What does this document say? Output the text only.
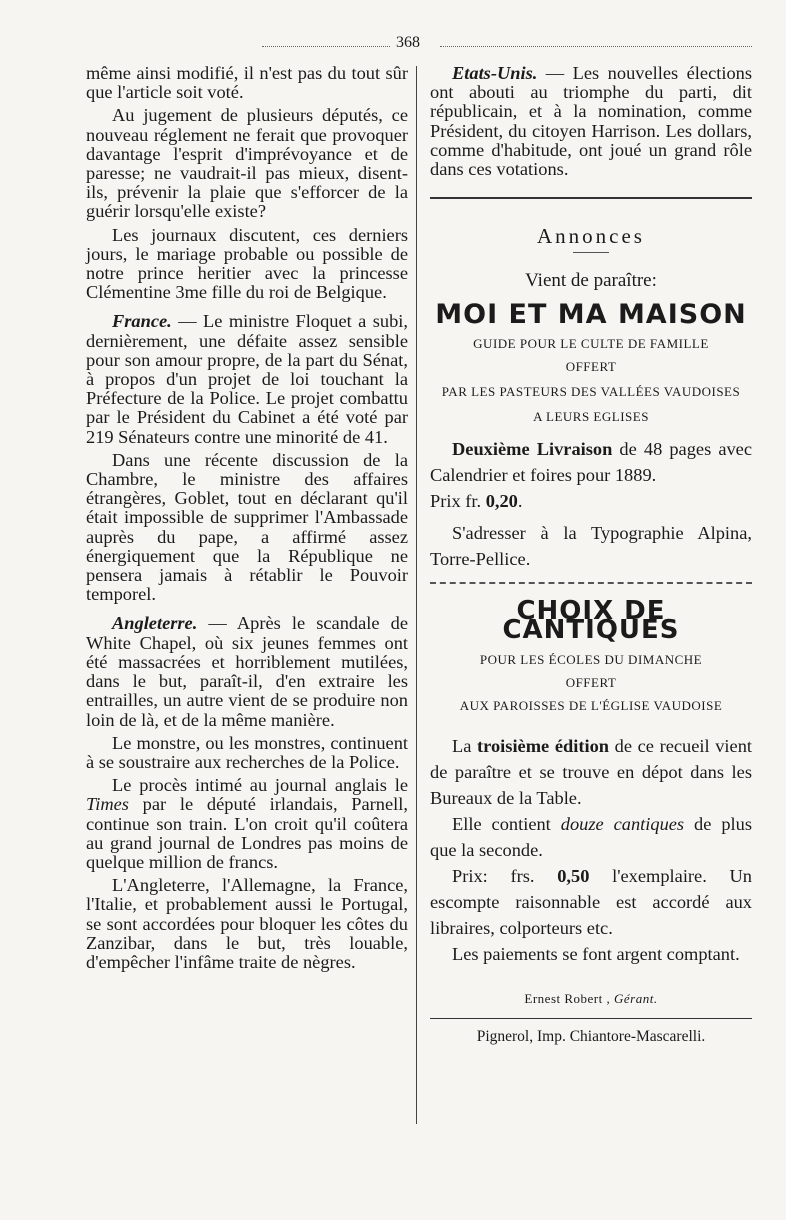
368

même ainsi modifié, il n'est pas du tout sûr que l'article soit voté.

Au jugement de plusieurs députés, ce nouveau réglement ne ferait que provoquer davantage l'esprit d'imprévoyance et de paresse; ne vaudrait-il pas mieux, disent-ils, prévenir la plaie que s'efforcer de la guérir lorsqu'elle existe?

Les journaux discutent, ces derniers jours, le mariage probable ou possible de notre prince heritier avec la princesse Clémentine 3me fille du roi de Belgique.

France. — Le ministre Floquet a subi, dernièrement, une défaite assez sensible pour son amour propre, de la part du Sénat, à propos d'un projet de loi touchant la Préfecture de la Police. Le projet combattu par le Président du Cabinet a été voté par 219 Sénateurs contre une minorité de 41.

Dans une récente discussion de la Chambre, le ministre des affaires étrangères, Goblet, tout en déclarant qu'il était impossible de supprimer l'Ambassade auprès du pape, a affirmé assez énergiquement que la République ne pensera jamais à rétablir le Pouvoir temporel.

Angleterre. — Après le scandale de White Chapel, où six jeunes femmes ont été massacrées et horriblement mutilées, dans le but, paraît-il, d'en extraire les entrailles, un autre vient de se produire non loin de là, et de la même manière.

Le monstre, ou les monstres, continuent à se soustraire aux recherches de la Police.

Le procès intimé au journal anglais le Times par le député irlandais, Parnell, continue son train. L'on croit qu'il coûtera au grand journal de Londres pas moins de quelque million de francs.

L'Angleterre, l'Allemagne, la France, l'Italie, et probablement aussi le Portugal, se sont accordées pour bloquer les côtes du Zanzibar, dans le but, très louable, d'empêcher l'infâme traite de nègres.

Etats-Unis. — Les nouvelles élections ont abouti au triomphe du parti, dit républicain, et à la nomination, comme Président, du citoyen Harrison. Les dollars, comme d'habitude, ont joué un grand rôle dans ces votations.

Annonces
Vient de paraître:
MOI ET MA MAISON
GUIDE POUR LE CULTE DE FAMILLE
OFFERT
PAR LES PASTEURS DES VALLÉES VAUDOISES
A LEURS EGLISES

Deuxième Livraison de 48 pages avec Calendrier et foires pour 1889.

Prix fr. 0,20.

S'adresser à la Typographie Alpina, Torre-Pellice.

CHOIX DE CANTIQUES
POUR LES ÉCOLES DU DIMANCHE
OFFERT
AUX PAROISSES DE L'ÉGLISE VAUDOISE

La troisième édition de ce recueil vient de paraître et se trouve en dépot dans les Bureaux de la Table.

Elle contient douze cantiques de plus que la seconde.

Prix: frs. 0,50 l'exemplaire. Un escompte raisonnable est accordé aux libraires, colporteurs etc.

Les paiements se font argent comptant.

Ernest Robert , Gérant.
Pignerol, Imp. Chiantore-Mascarelli.
